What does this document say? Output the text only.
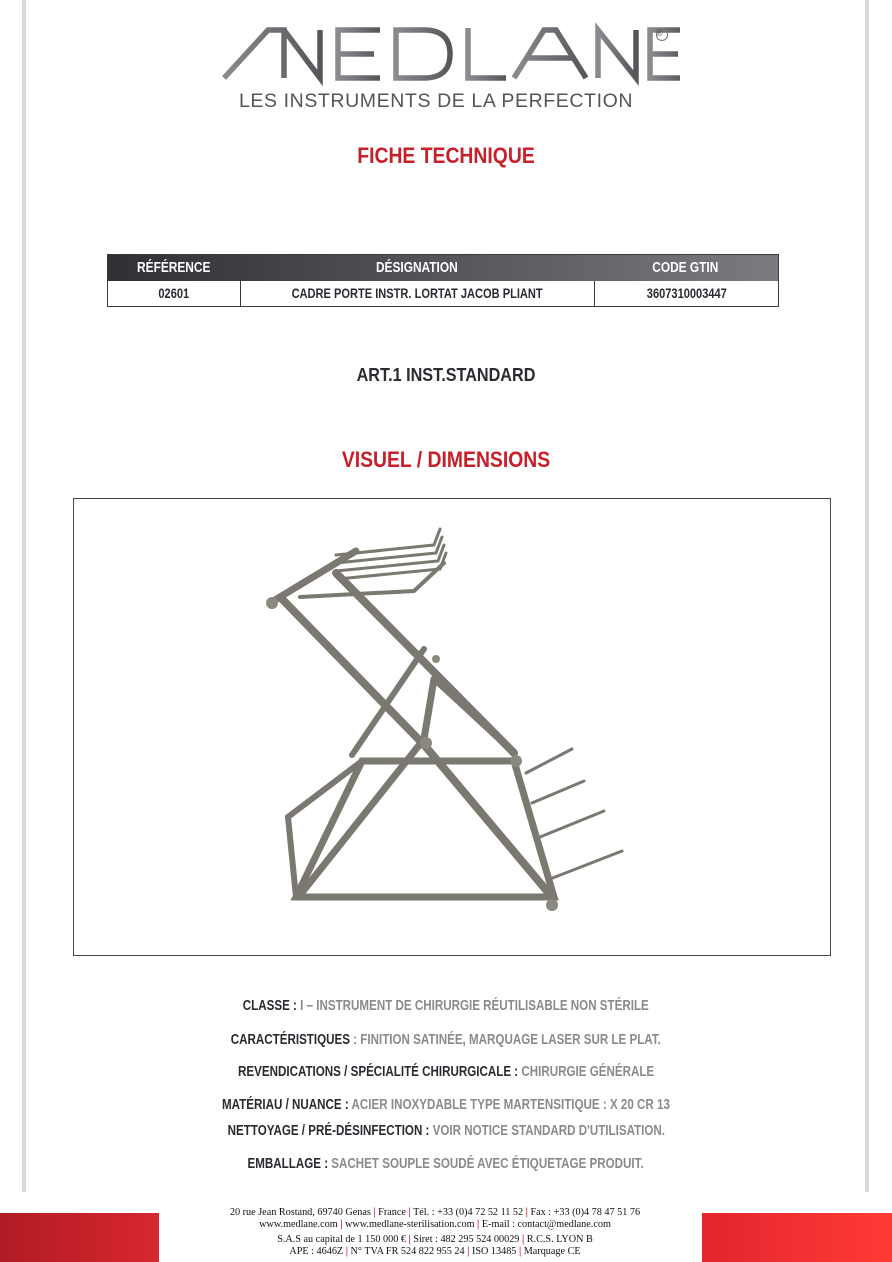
®
LES INSTRUMENTS DE LA PERFECTION
FICHE TECHNIQUE
RÉFÉRENCE	DÉSIGNATION	CODE GTIN
02601	CADRE PORTE INSTR. LORTAT JACOB PLIANT	3607310003447
ART.1 INST.STANDARD
VISUEL / DIMENSIONS
CLASSE : I – INSTRUMENT DE CHIRURGIE RÉUTILISABLE NON STÉRILE
CARACTÉRISTIQUES : FINITION SATINÉE, MARQUAGE LASER SUR LE PLAT.
REVENDICATIONS / SPÉCIALITÉ CHIRURGICALE : CHIRURGIE GÉNÉRALE
MATÉRIAU / NUANCE : ACIER INOXYDABLE TYPE MARTENSITIQUE : X 20 CR 13
NETTOYAGE / PRÉ-DÉSINFECTION : VOIR NOTICE STANDARD D'UTILISATION.
EMBALLAGE : SACHET SOUPLE SOUDÉ AVEC ÉTIQUETAGE PRODUIT.
20 rue Jean Rostand, 69740 Genas | France | Tél. : +33 (0)4 72 52 11 52 | Fax : +33 (0)4 78 47 51 76
www.medlane.com | www.medlane-sterilisation.com | E-mail : contact@medlane.com
S.A.S au capital de 1 150 000 € | Siret : 482 295 524 00029 | R.C.S. LYON B
APE : 4646Z | N° TVA FR 524 822 955 24 | ISO 13485 | Marquage CE
